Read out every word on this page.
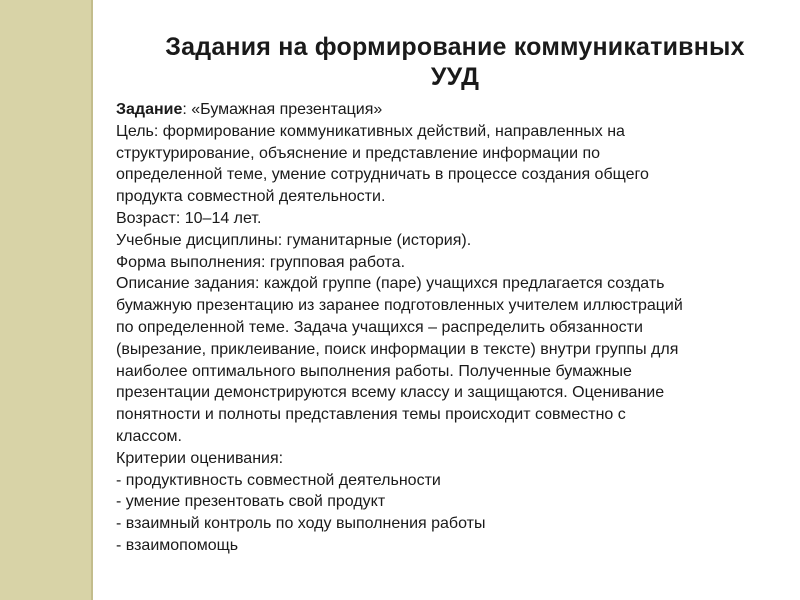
Задания на формирование коммуникативных
УУД
Задание: «Бумажная презентация»
Цель: формирование коммуникативных действий, направленных на
структурирование, объяснение и представление информации по
определенной теме, умение сотрудничать в процессе создания общего
продукта совместной деятельности.
Возраст: 10–14 лет.
Учебные дисциплины: гуманитарные (история).
Форма выполнения: групповая работа.
Описание задания: каждой группе (паре) учащихся предлагается создать
бумажную презентацию из заранее подготовленных учителем иллюстраций
по определенной теме. Задача учащихся – распределить обязанности
(вырезание, приклеивание, поиск информации в тексте) внутри группы для
наиболее оптимального выполнения работы. Полученные бумажные
презентации демонстрируются всему классу и защищаются. Оценивание
понятности и полноты представления темы происходит совместно с
классом.
Критерии оценивания:
- продуктивность совместной деятельности
- умение презентовать свой продукт
- взаимный контроль по ходу выполнения работы
- взаимопомощь
